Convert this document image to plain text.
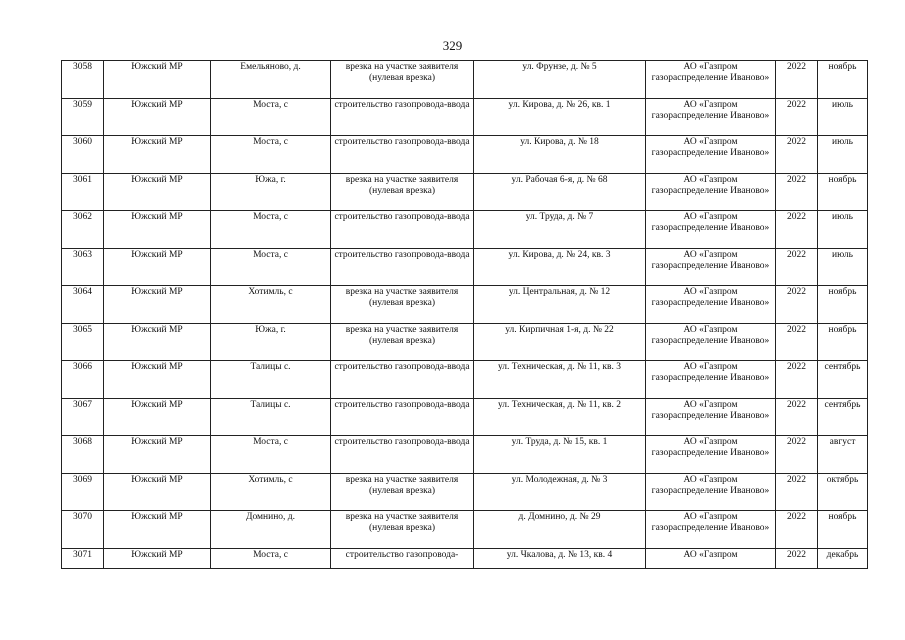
329
3058	Южский МР	Емельяново, д.	врезка на участке заявителя (нулевая врезка)	ул. Фрунзе, д. № 5	АО «Газпром газораспределение Иваново»	2022	ноябрь
3059	Южский МР	Моста, с	строительство газопровода-ввода	ул. Кирова, д. № 26, кв. 1	АО «Газпром газораспределение Иваново»	2022	июль
3060	Южский МР	Моста, с	строительство газопровода-ввода	ул. Кирова, д. № 18	АО «Газпром газораспределение Иваново»	2022	июль
3061	Южский МР	Южа, г.	врезка на участке заявителя (нулевая врезка)	ул. Рабочая 6-я, д. № 68	АО «Газпром газораспределение Иваново»	2022	ноябрь
3062	Южский МР	Моста, с	строительство газопровода-ввода	ул. Труда, д. № 7	АО «Газпром газораспределение Иваново»	2022	июль
3063	Южский МР	Моста, с	строительство газопровода-ввода	ул. Кирова, д. № 24, кв. 3	АО «Газпром газораспределение Иваново»	2022	июль
3064	Южский МР	Хотимль, с	врезка на участке заявителя (нулевая врезка)	ул. Центральная, д. № 12	АО «Газпром газораспределение Иваново»	2022	ноябрь
3065	Южский МР	Южа, г.	врезка на участке заявителя (нулевая врезка)	ул. Кирпичная 1-я, д. № 22	АО «Газпром газораспределение Иваново»	2022	ноябрь
3066	Южский МР	Талицы с.	строительство газопровода-ввода	ул. Техническая, д. № 11, кв. 3	АО «Газпром газораспределение Иваново»	2022	сентябрь
3067	Южский МР	Талицы с.	строительство газопровода-ввода	ул. Техническая, д. № 11, кв. 2	АО «Газпром газораспределение Иваново»	2022	сентябрь
3068	Южский МР	Моста, с	строительство газопровода-ввода	ул. Труда, д. № 15, кв. 1	АО «Газпром газораспределение Иваново»	2022	август
3069	Южский МР	Хотимль, с	врезка на участке заявителя (нулевая врезка)	ул. Молодежная, д. № 3	АО «Газпром газораспределение Иваново»	2022	октябрь
3070	Южский МР	Домнино, д.	врезка на участке заявителя (нулевая врезка)	д. Домнино, д. № 29	АО «Газпром газораспределение Иваново»	2022	ноябрь
3071	Южский МР	Моста, с	строительство газопровода-	ул. Чкалова, д. № 13, кв. 4	АО «Газпром	2022	декабрь
